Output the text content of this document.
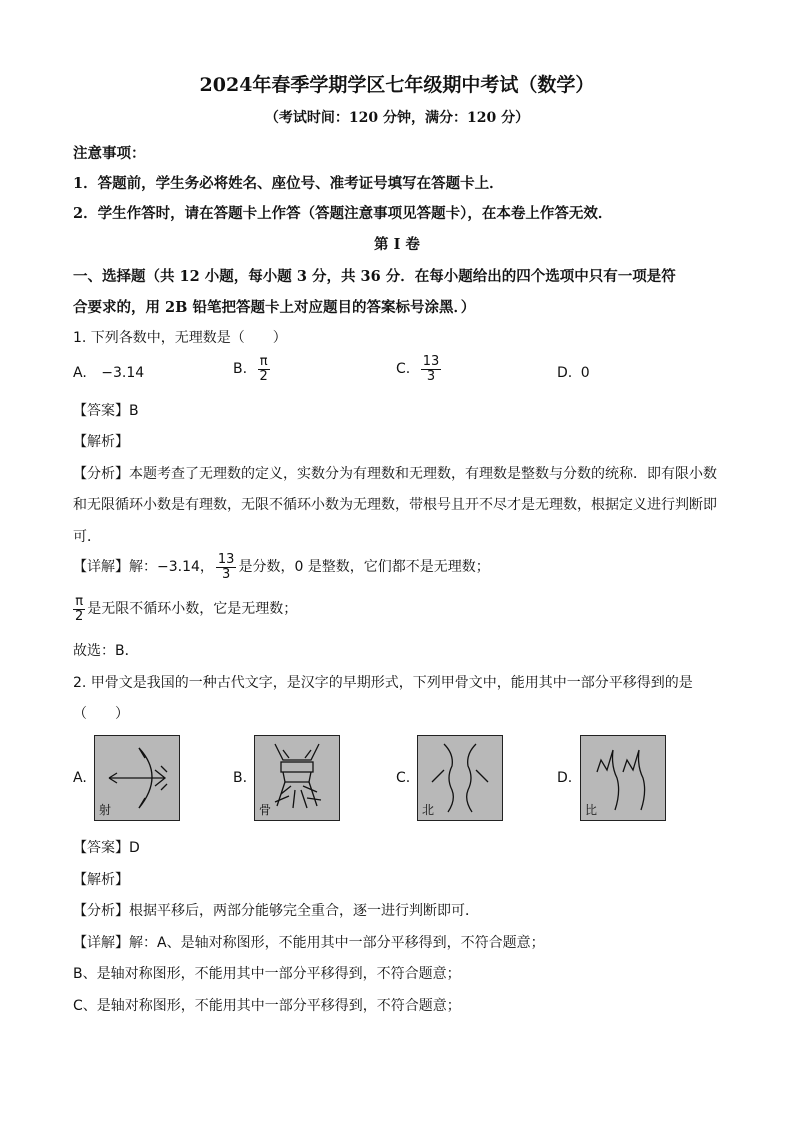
2024年春季学期学区七年级期中考试（数学）
（考试时间：120 分钟，满分：120 分）
注意事项：
1．答题前，学生务必将姓名、座位号、准考证号填写在答题卡上．
2．学生作答时，请在答题卡上作答（答题注意事项见答题卡），在本卷上作答无效．
第 I 卷
一、选择题（共 12 小题，每小题 3 分，共 36 分．在每小题给出的四个选项中只有一项是符
合要求的，用 2B 铅笔把答题卡上对应题目的答案标号涂黑．）
1. 下列各数中，无理数是（　　）
A. −3.14	B. $\frac{\pi}{2}$	C. $\frac{13}{3}$	D. 0
【答案】B
【解析】
【分析】本题考查了无理数的定义，实数分为有理数和无理数，有理数是整数与分数的统称．即有限小数
和无限循环小数是有理数，无限不循环小数为无理数，带根号且开不尽才是无理数，根据定义进行判断即
可．
【详解】解：−3.14， $\frac{13}{3}$ 是分数，0 是整数，它们都不是无理数；
$\frac{\pi}{2}$ 是无限不循环小数，它是无理数；
故选：B．
2. 甲骨文是我国的一种古代文字，是汉字的早期形式，下列甲骨文中，能用其中一部分平移得到的是
（　　）
A.
射
B.
骨
C.
北
D.
比
【答案】D
【解析】
【分析】根据平移后，两部分能够完全重合，逐一进行判断即可．
【详解】解：A、是轴对称图形，不能用其中一部分平移得到，不符合题意；
B、是轴对称图形，不能用其中一部分平移得到，不符合题意；
C、是轴对称图形，不能用其中一部分平移得到，不符合题意；
